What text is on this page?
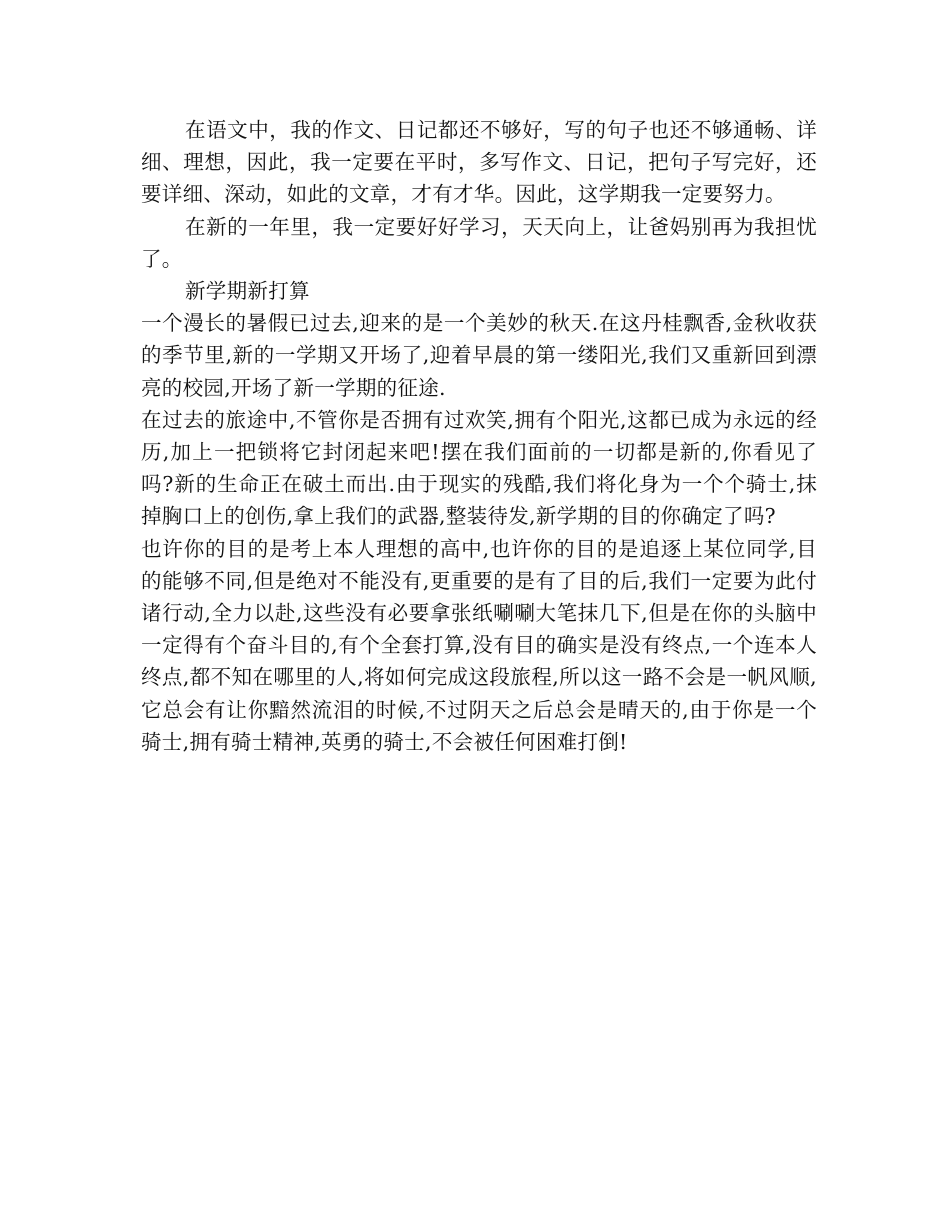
在语文中，我的作文、日记都还不够好，写的句子也还不够通畅、详细、理想，因此，我一定要在平时，多写作文、日记，把句子写完好，还要详细、深动，如此的文章，才有才华。因此，这学期我一定要努力。

在新的一年里，我一定要好好学习，天天向上，让爸妈别再为我担忧了。

新学期新打算

一个漫长的暑假已过去,迎来的是一个美妙的秋天.在这丹桂飘香,金秋收获的季节里,新的一学期又开场了,迎着早晨的第一缕阳光,我们又重新回到漂亮的校园,开场了新一学期的征途.

在过去的旅途中,不管你是否拥有过欢笑,拥有个阳光,这都已成为永远的经历,加上一把锁将它封闭起来吧!摆在我们面前的一切都是新的,你看见了吗?新的生命正在破土而出.由于现实的残酷,我们将化身为一个个骑士,抹掉胸口上的创伤,拿上我们的武器,整装待发,新学期的目的你确定了吗?

也许你的目的是考上本人理想的高中,也许你的目的是追逐上某位同学,目的能够不同,但是绝对不能没有,更重要的是有了目的后,我们一定要为此付诸行动,全力以赴,这些没有必要拿张纸唰唰大笔抹几下,但是在你的头脑中一定得有个奋斗目的,有个全套打算,没有目的确实是没有终点,一个连本人终点,都不知在哪里的人,将如何完成这段旅程,所以这一路不会是一帆风顺,它总会有让你黯然流泪的时候,不过阴天之后总会是晴天的,由于你是一个骑士,拥有骑士精神,英勇的骑士,不会被任何困难打倒!
